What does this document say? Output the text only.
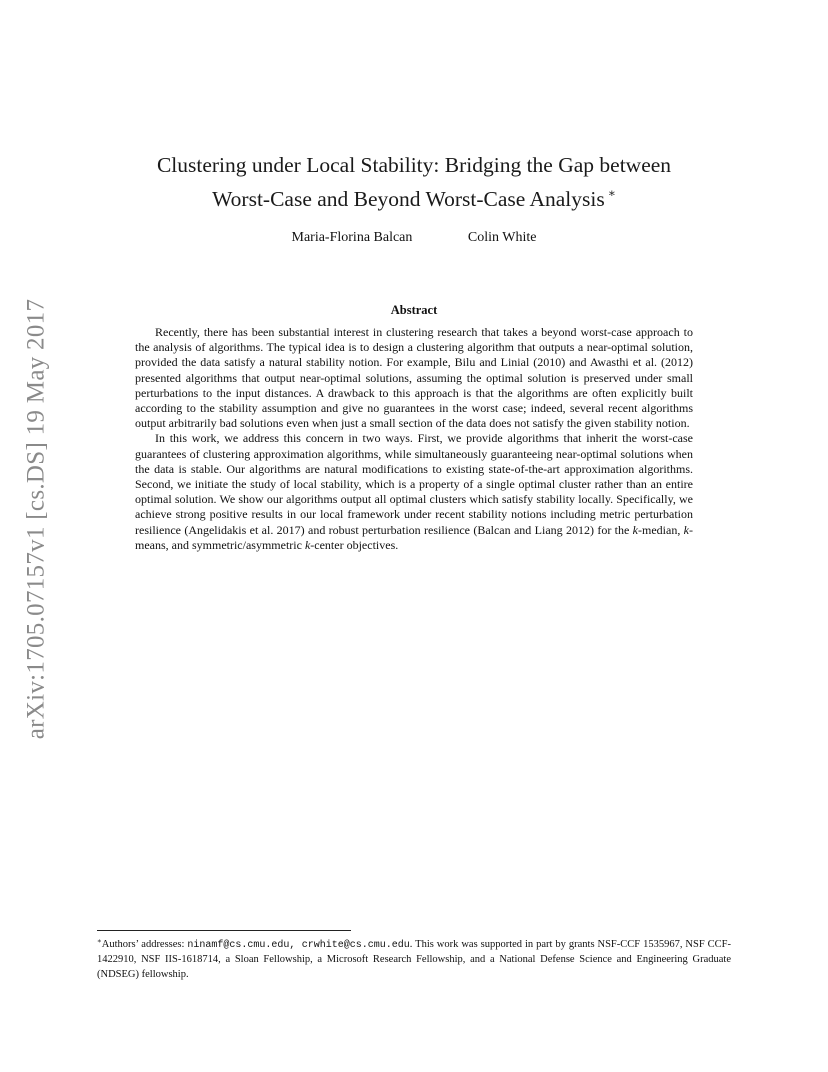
arXiv:1705.07157v1 [cs.DS] 19 May 2017
Clustering under Local Stability: Bridging the Gap between
Worst-Case and Beyond Worst-Case Analysis ∗
Maria-Florina Balcan	Colin White
Abstract

Recently, there has been substantial interest in clustering research that takes a beyond worst-case approach to the analysis of algorithms. The typical idea is to design a clustering algorithm that outputs a near-optimal solution, provided the data satisfy a natural stability notion. For example, Bilu and Linial (2010) and Awasthi et al. (2012) presented algorithms that output near-optimal solutions, assuming the optimal solution is preserved under small perturbations to the input distances. A drawback to this approach is that the algorithms are often explicitly built according to the stability assumption and give no guarantees in the worst case; indeed, several recent algorithms output arbitrarily bad solutions even when just a small section of the data does not satisfy the given stability notion.

In this work, we address this concern in two ways. First, we provide algorithms that inherit the worst-case guarantees of clustering approximation algorithms, while simultaneously guaranteeing near-optimal solutions when the data is stable. Our algorithms are natural modifications to existing state-of-the-art approximation algorithms. Second, we initiate the study of local stability, which is a property of a single optimal cluster rather than an entire optimal solution. We show our algorithms output all optimal clusters which satisfy stability locally. Specifically, we achieve strong positive results in our local framework under recent stability notions including metric perturbation resilience (Angelidakis et al. 2017) and robust perturbation resilience (Balcan and Liang 2012) for the k-median, k-means, and symmetric/asymmetric k-center objectives.

∗Authors’ addresses: ninamf@cs.cmu.edu, crwhite@cs.cmu.edu. This work was supported in part by grants NSF-CCF 1535967, NSF CCF-1422910, NSF IIS-1618714, a Sloan Fellowship, a Microsoft Research Fellowship, and a National Defense Science and Engineering Graduate (NDSEG) fellowship.
